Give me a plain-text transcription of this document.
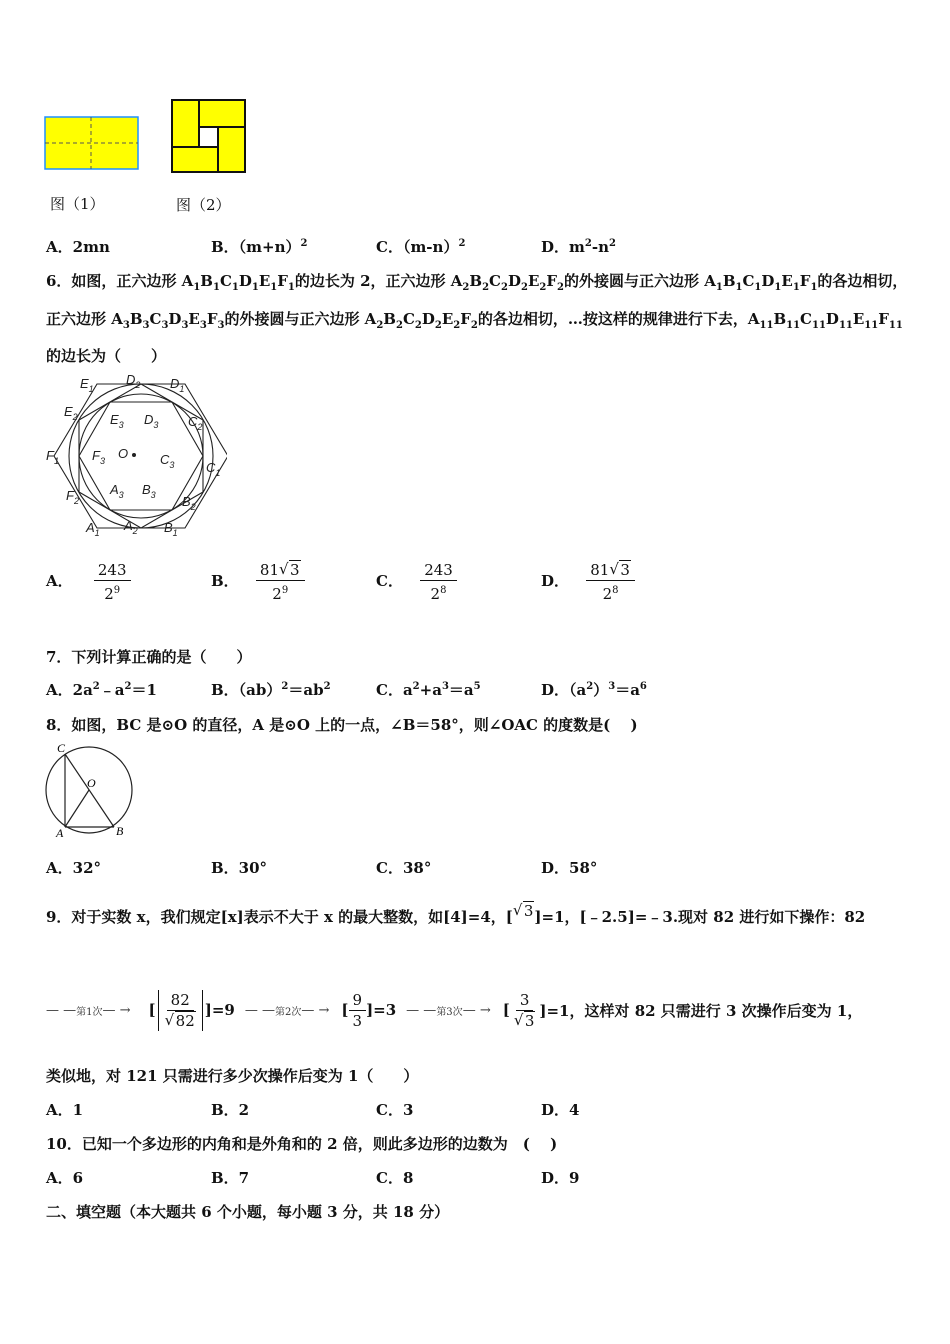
图（1）	图（2）
A．2mn	B．$(m+n)^2$	C．$(m-n)^2$	D．$m^2-n^2$
6．如图，正六边形 $A_1B_1C_1D_1E_1F_1$的边长为 2，正六边形 $A_2B_2C_2D_2E_2F_2$的外接圆与正六边形 $A_1B_1C_1D_1E_1F_1$的各边相切，
正六边形 $A_3B_3C_3D_3E_3F_3$的外接圆与正六边形 $A_2B_2C_2D_2E_2F_2$的各边相切，…按这样的规律进行下去，$A_{11}B_{11}C_{11}D_{11}E_{11}F_{11}$
的边长为（　　）
$E_1$
$D_2$ $D_1$
$E_2$ $E_3$ $D_3$ $C_2$
$F_1$	$F_3$ O $C_3$ $C_1$
$F_2$
$A_3$ $B_3$ $B_2$
$A_1$ $A_2$ $B_1$
A． $\frac{243}{2^9}$	B． $\frac{81 √ 3}{2^9}$	C． $\frac{243}{2^8}$	D． $\frac{81 √ 3}{2^8}$
7．下列计算正确的是（　　）
A．$2a^2﹣a^2=1$	B．$(ab)^2=ab^2$	C．$a^2+a^3=a^5$	D．$(a^2)^3=a^6$
8．如图，BC 是⊙O 的直径，A 是⊙O 上的一点，∠B＝58°，则∠OAC 的度数是(　 )
C
O
A	B
A．32°	B．30°	C．38°	D．58°
9．对于实数 x，我们规定[x]表示不大于 x 的最大整数，如[4]=4，[ √ 3]=1，[﹣2.5]=﹣3.现对 82 进行如下操作：82
— —$^{第1次}$— → [ 82
√ 82 ]=9 — —$^{第2次}$— → [ $\frac{9}{3} ]=3$ — —$^{第3次}$— → [ 3
√ 3 ]=1，这样对 82 只需进行 3 次操作后变为 1，
类似地，对 121 只需进行多少次操作后变为 1（　　）
A．1	B．2	C．3	D．4
10．已知一个多边形的内角和是外角和的 2 倍，则此多边形的边数为　(　 )
A．6	B．7	C．8	D．9
二、填空题（本大题共 6 个小题，每小题 3 分，共 18 分）
